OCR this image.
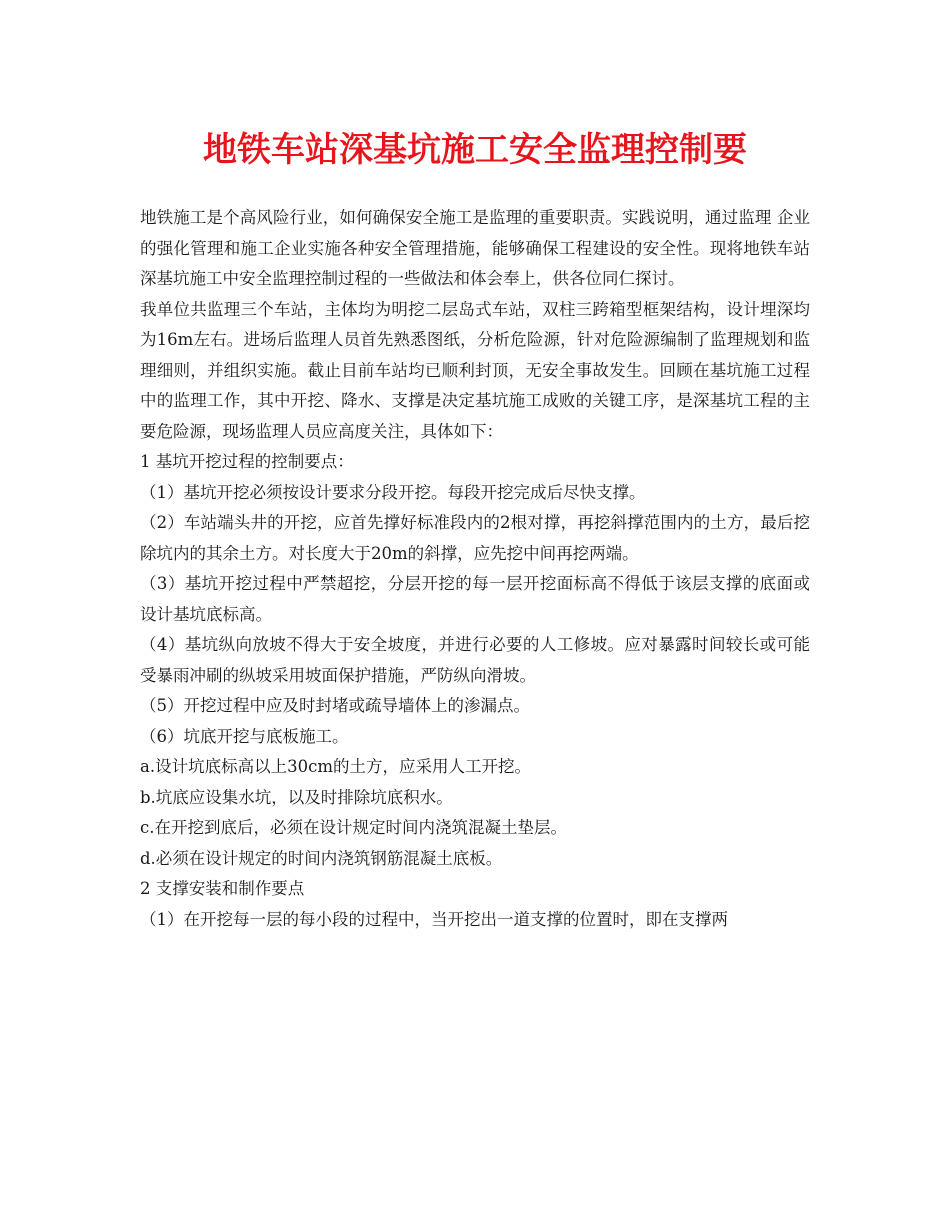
地铁车站深基坑施工安全监理控制要

地铁施工是个高风险行业，如何确保安全施工是监理的重要职责。实践说明，通过监理 企业 的强化管理和施工企业实施各种安全管理措施，能够确保工程建设的安全性。现将地铁车站深基坑施工中安全监理控制过程的一些做法和体会奉上，供各位同仁探讨。

我单位共监理三个车站，主体均为明挖二层岛式车站，双柱三跨箱型框架结构，设计埋深均为16m左右。进场后监理人员首先熟悉图纸，分析危险源，针对危险源编制了监理规划和监理细则，并组织实施。截止目前车站均已顺利封顶，无安全事故发生。回顾在基坑施工过程中的监理工作，其中开挖、降水、支撑是决定基坑施工成败的关键工序，是深基坑工程的主要危险源，现场监理人员应高度关注，具体如下：

1 基坑开挖过程的控制要点：

（1）基坑开挖必须按设计要求分段开挖。每段开挖完成后尽快支撑。

（2）车站端头井的开挖，应首先撑好标准段内的2根对撑，再挖斜撑范围内的土方，最后挖除坑内的其余土方。对长度大于20m的斜撑，应先挖中间再挖两端。

（3）基坑开挖过程中严禁超挖，分层开挖的每一层开挖面标高不得低于该层支撑的底面或设计基坑底标高。

（4）基坑纵向放坡不得大于安全坡度，并进行必要的人工修坡。应对暴露时间较长或可能受暴雨冲刷的纵坡采用坡面保护措施，严防纵向滑坡。

（5）开挖过程中应及时封堵或疏导墙体上的渗漏点。

（6）坑底开挖与底板施工。

a.设计坑底标高以上30cm的土方，应采用人工开挖。

b.坑底应设集水坑，以及时排除坑底积水。

c.在开挖到底后，必须在设计规定时间内浇筑混凝土垫层。

d.必须在设计规定的时间内浇筑钢筋混凝土底板。

2 支撑安装和制作要点

（1）在开挖每一层的每小段的过程中，当开挖出一道支撑的位置时，即在支撑两
